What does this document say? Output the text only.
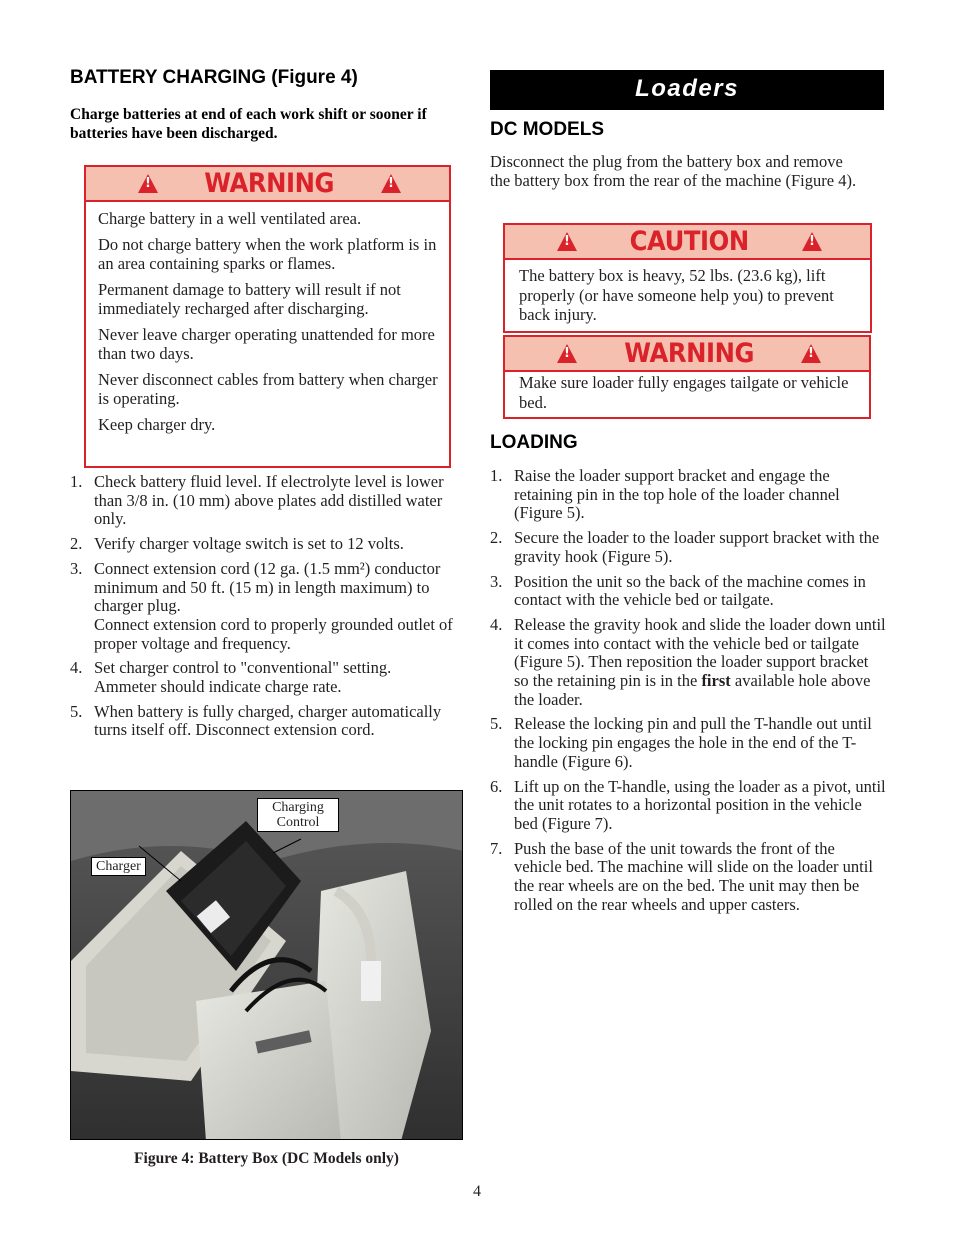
BATTERY CHARGING (Figure 4)
Charge batteries at end of each work shift or sooner if batteries have been discharged.
!
WARNING
!

Charge battery in a well ventilated area.

Do not charge battery when the work platform is in an area containing sparks or flames.

Permanent damage to battery will result if not immediately recharged after discharging.

Never leave charger operating unattended for more than two days.

Never disconnect cables from battery when charger is operating.

Keep charger dry.

1. Check battery fluid level. If electrolyte level is lower than 3/8 in. (10 mm) above plates add distilled water only.
2. Verify charger voltage switch is set to 12 volts.
3. Connect extension cord (12 ga. (1.5 mm²) conductor minimum and 50 ft. (15 m) in length maximum) to charger plug.
Connect extension cord to properly grounded outlet of proper voltage and frequency.
4. Set charger control to "conventional" setting. Ammeter should indicate charge rate.
5. When battery is fully charged, charger automatically turns itself off. Disconnect extension cord.
Charging Control
Charger
Figure 4: Battery Box (DC Models only)
Loaders
DC MODELS
Disconnect the plug from the battery box and remove the battery box from the rear of the machine (Figure 4).
!
CAUTION
!

The battery box is heavy, 52 lbs. (23.6 kg), lift properly (or have someone help you) to prevent back injury.

!
WARNING
!

Make sure loader fully engages tailgate or vehicle bed.

LOADING
1. Raise the loader support bracket and engage the retaining pin in the top hole of the loader channel (Figure 5).
2. Secure the loader to the loader support bracket with the gravity hook (Figure 5).
3. Position the unit so the back of the machine comes in contact with the vehicle bed or tailgate.
4. Release the gravity hook and slide the loader down until it comes into contact with the vehicle bed or tailgate (Figure 5). Then reposition the loader support bracket so the retaining pin is in the first available hole above the loader.
5. Release the locking pin and pull the T-handle out until the locking pin engages the hole in the end of the T-handle (Figure 6).
6. Lift up on the T-handle, using the loader as a pivot, until the unit rotates to a horizontal position in the vehicle bed (Figure 7).
7. Push the base of the unit towards the front of the vehicle bed. The machine will slide on the loader until the rear wheels are on the bed. The unit may then be rolled on the rear wheels and upper casters.
4
